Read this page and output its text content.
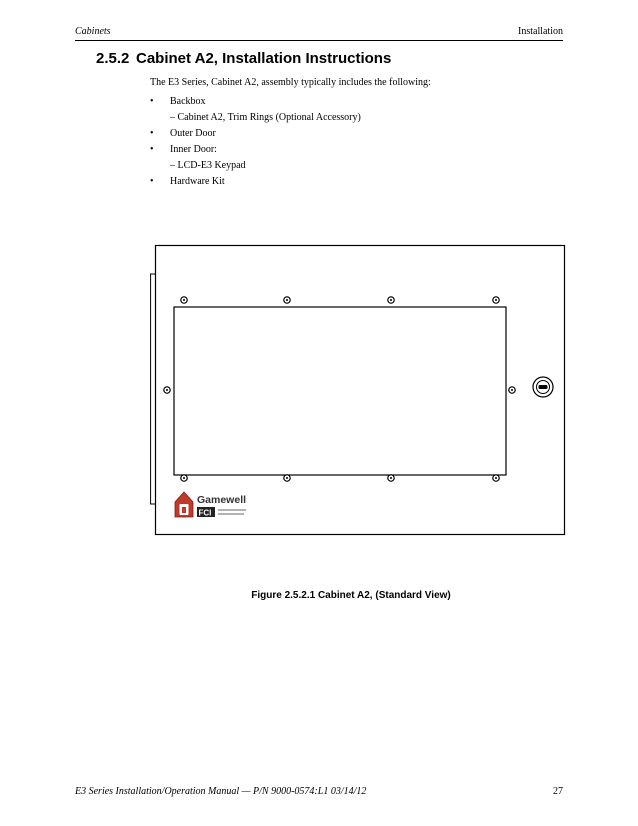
Cabinets	Installation
2.5.2 Cabinet A2, Installation Instructions
The E3 Series, Cabinet A2, assembly typically includes the following:
• Backbox
– Cabinet A2, Trim Rings (Optional Accessory)
• Outer Door
• Inner Door:
– LCD-E3 Keypad
• Hardware Kit
Gamewell
FCI
Figure 2.5.2.1 Cabinet A2, (Standard View)
E3 Series Installation/Operation Manual — P/N 9000-0574:L1 03/14/12	27
